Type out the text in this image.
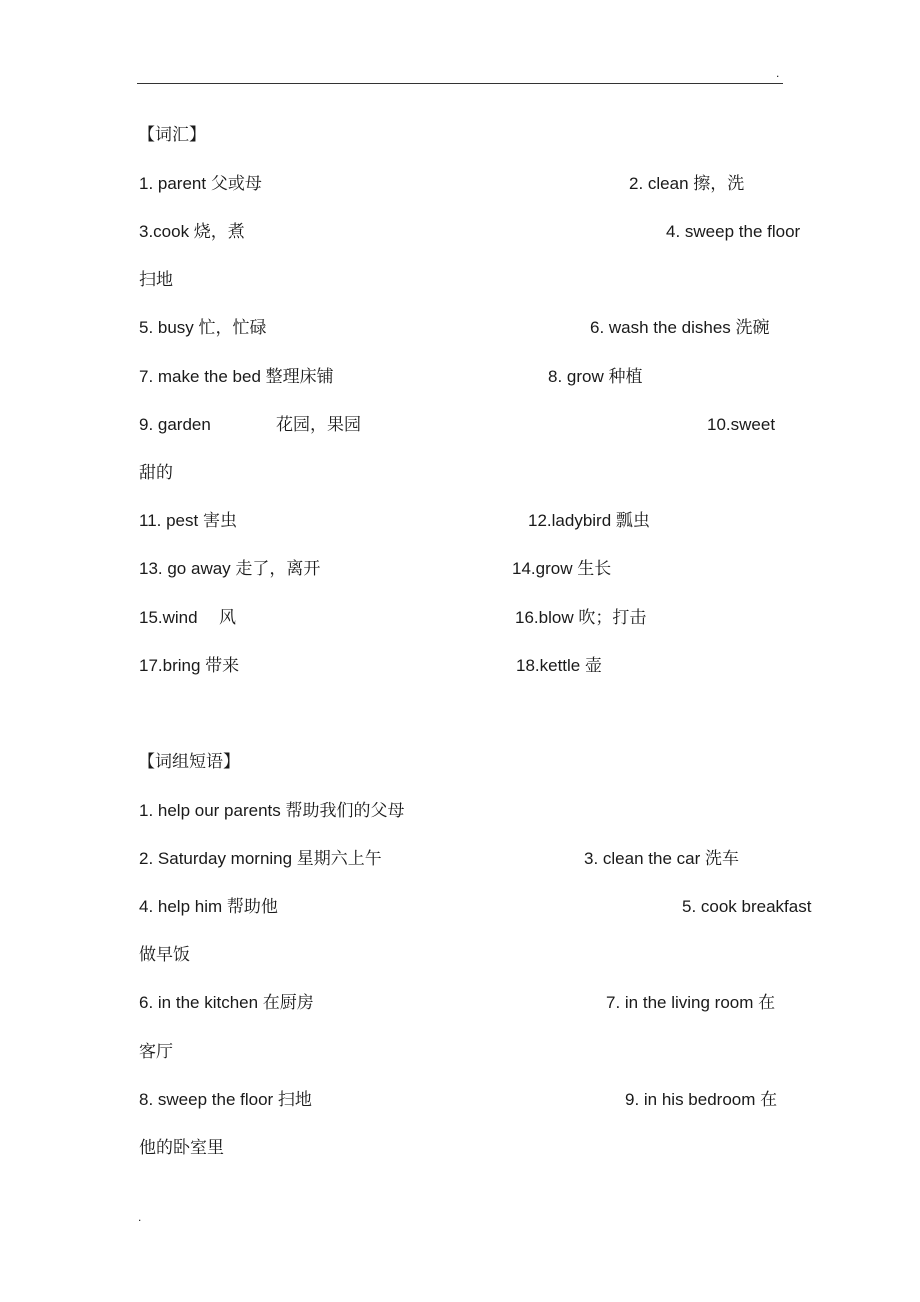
.
【词汇】
1. parent 父或母	2. clean 擦，洗
3.cook 烧，煮	4. sweep the floor
扫地
5. busy 忙，忙碌	6. wash the dishes 洗碗
7. make the bed 整理床铺	8. grow 种植
9. garden	花园，果园	10.sweet
甜的
11. pest 害虫	12.ladybird 瓢虫
13. go away 走了，离开	14.grow 生长
15.wind 风	16.blow 吹；打击
17.bring 带来	18.kettle 壶
【词组短语】
1. help our parents 帮助我们的父母
2. Saturday morning 星期六上午	3. clean the car 洗车
4. help him 帮助他	5. cook breakfast
做早饭
6. in the kitchen 在厨房	7. in the living room 在
客厅
8. sweep the floor 扫地	9. in his bedroom 在
他的卧室里
.
